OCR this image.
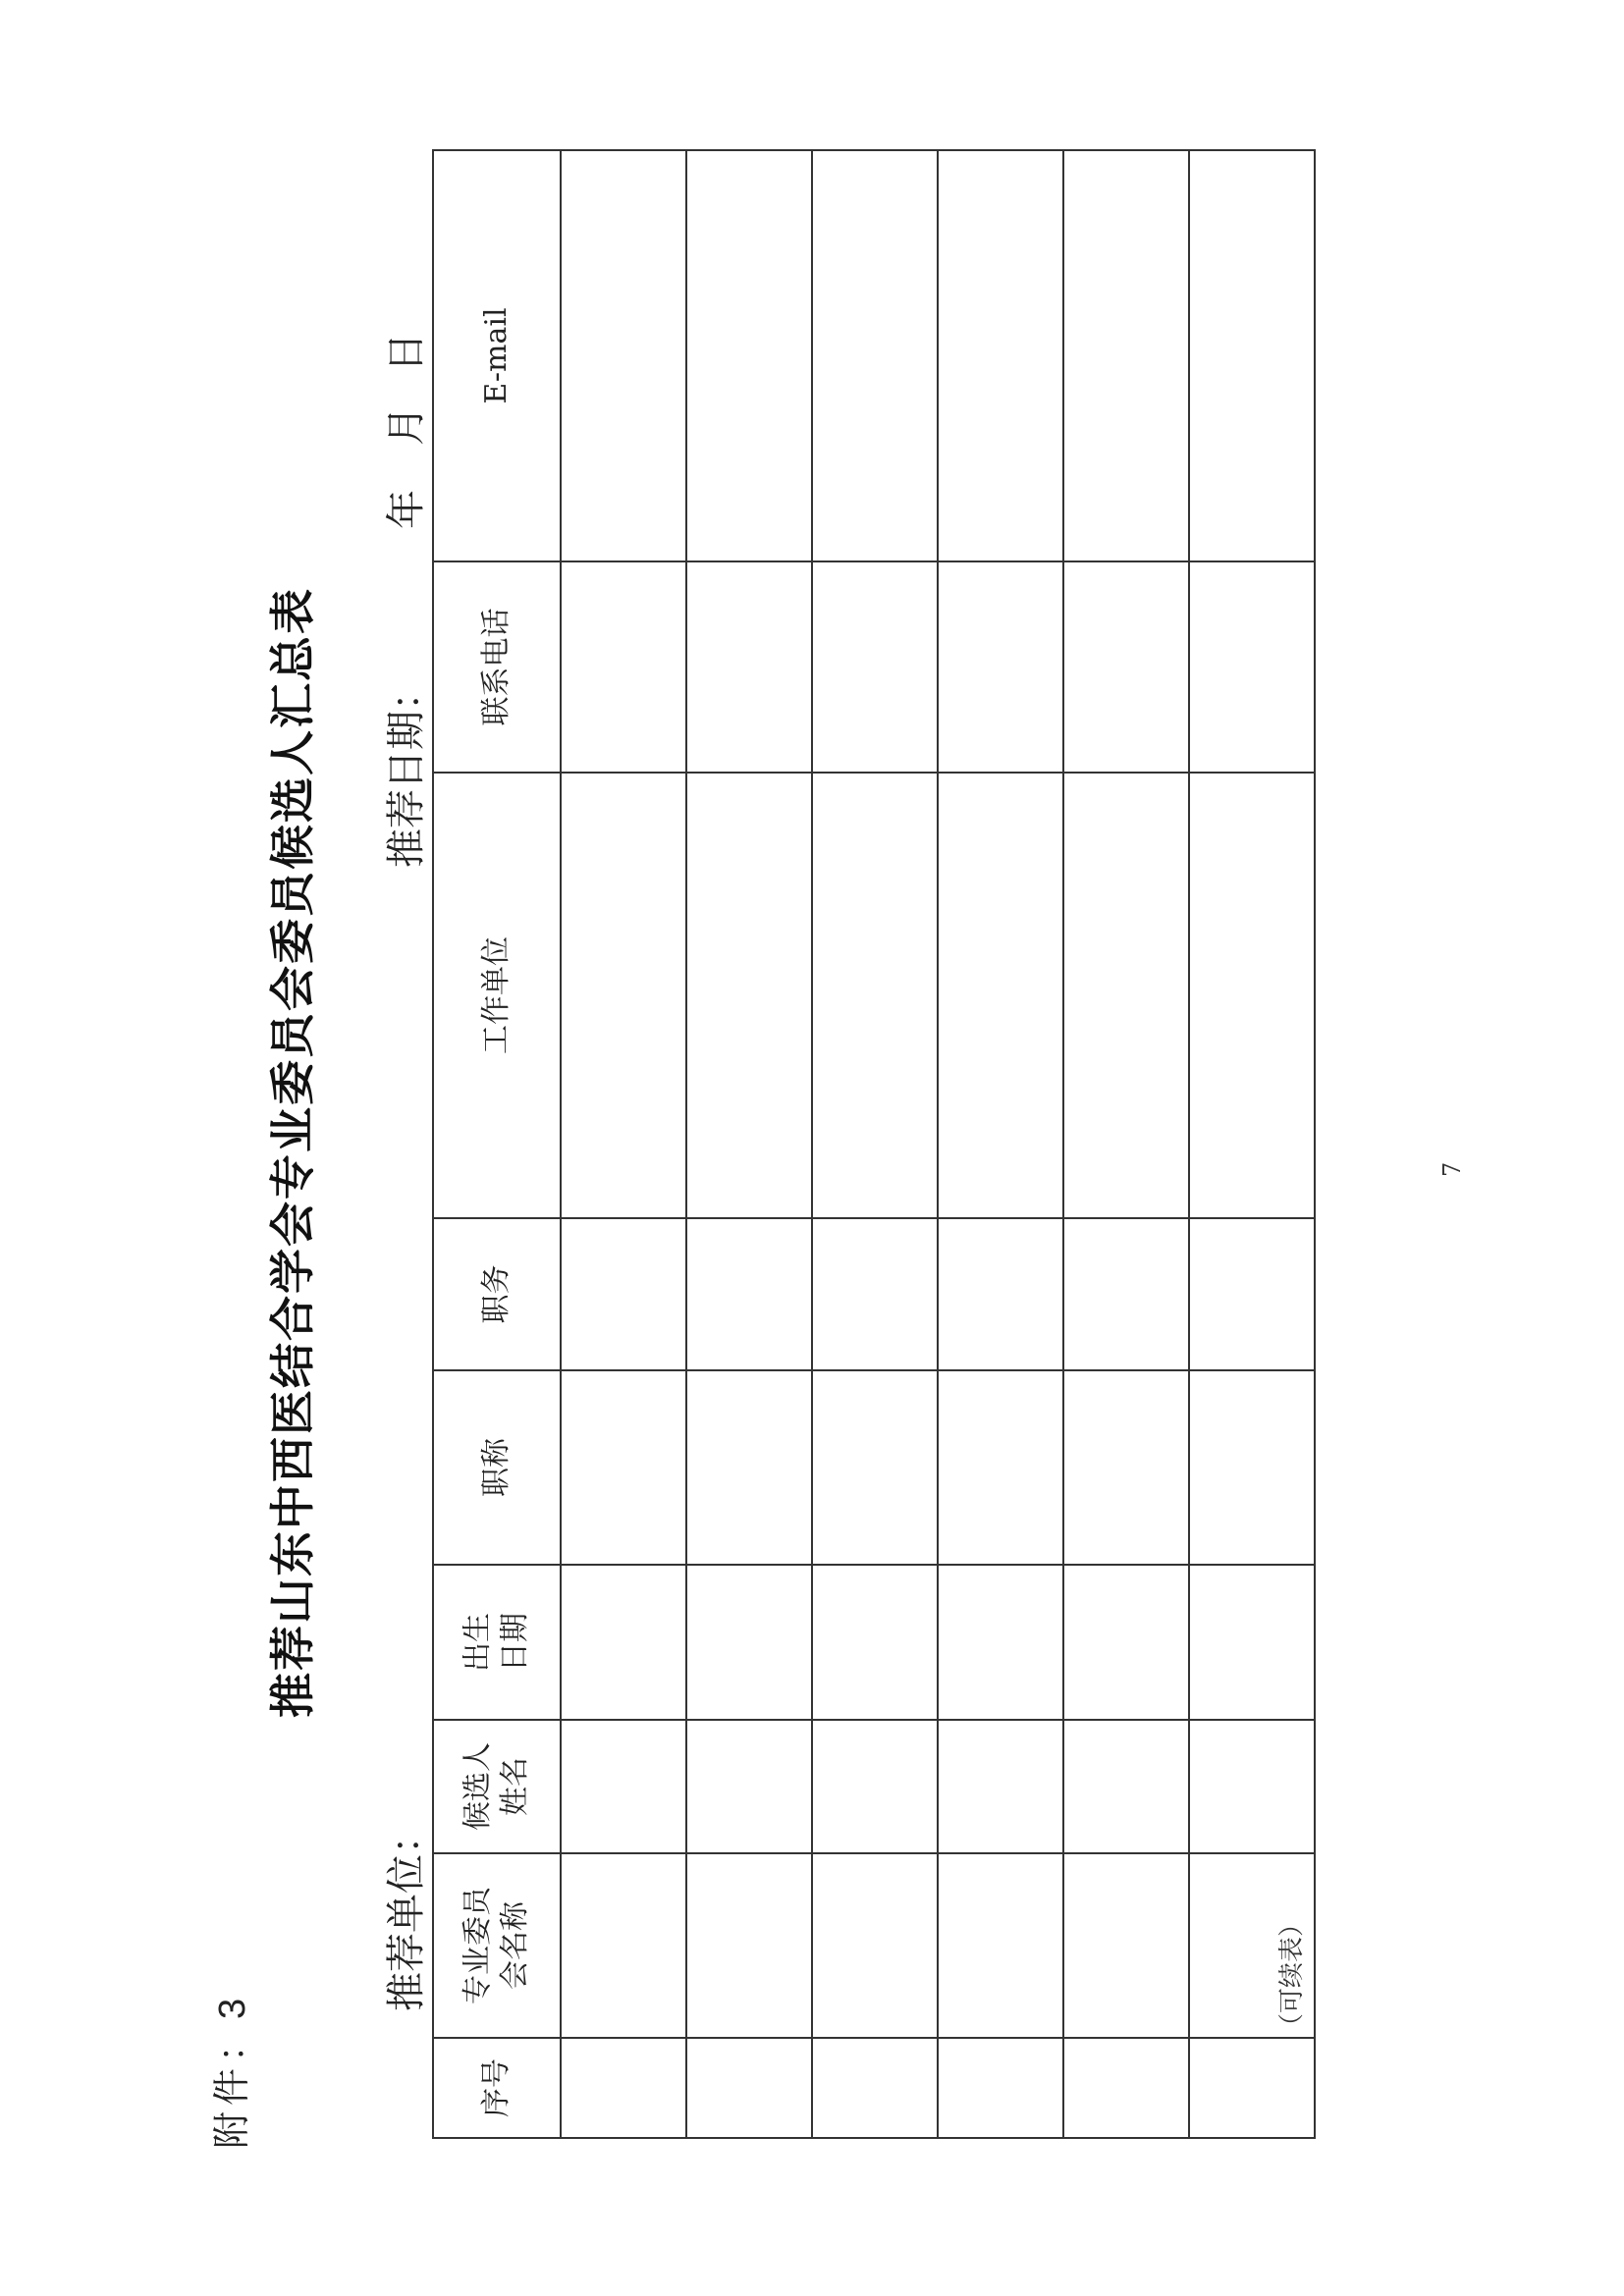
附件：3
推荐山东中西医结合学会专业委员会委员候选人汇总表
推荐单位：
推荐日期：
年
月
日
序号	专业委员会名称	候选人姓名	出生日期	职称	职务	工作单位	联系电话	E-mail

（可续表）
7
